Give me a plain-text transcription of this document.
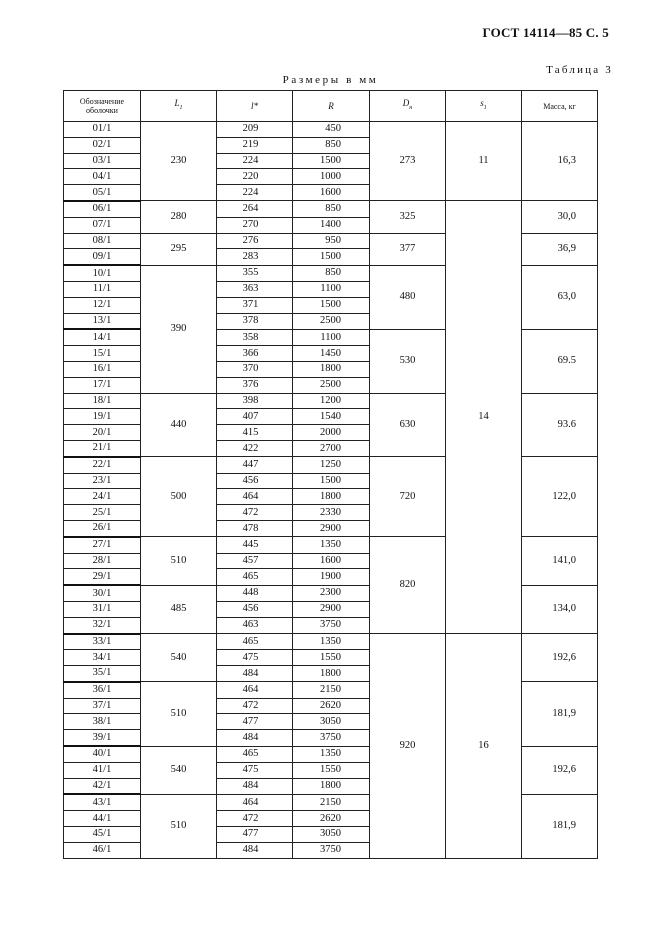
ГОСТ 14114—85 С. 5
Таблица 3
Размеры в мм
Обозначение
оболочки	$L_1$	l*	R	$D_н$	$s_1$	Масса, кг
01/1	230	209	450	273	11	16,3
02/1		219	850			
03/1		224	1500			
04/1		220	1000			
05/1		224	1600			
06/1	280	264	850	325	14	30,0
07/1		270	1400			
08/1	295	276	950	377		36,9
09/1		283	1500			
10/1	390	355	850	480		63,0
11/1		363	1100			
12/1		371	1500			
13/1		378	2500			
14/1		358	1100	530		69.5
15/1		366	1450			
16/1		370	1800			
17/1		376	2500			
18/1	440	398	1200	630		93.6
19/1		407	1540			
20/1		415	2000			
21/1		422	2700			
22/1	500	447	1250	720		122,0
23/1		456	1500			
24/1		464	1800			
25/1		472	2330			
26/1		478	2900			
27/1	510	445	1350	820		141,0
28/1		457	1600			
29/1		465	1900			
30/1	485	448	2300			134,0
31/1		456	2900			
32/1		463	3750			
33/1	540	465	1350	920	16	192,6
34/1		475	1550			
35/1		484	1800			
36/1	510	464	2150			181,9
37/1		472	2620			
38/1		477	3050			
39/1		484	3750			
40/1	540	465	1350			192,6
41/1		475	1550			
42/1		484	1800			
43/1	510	464	2150			181,9
44/1		472	2620			
45/1		477	3050			
46/1		484	3750			
